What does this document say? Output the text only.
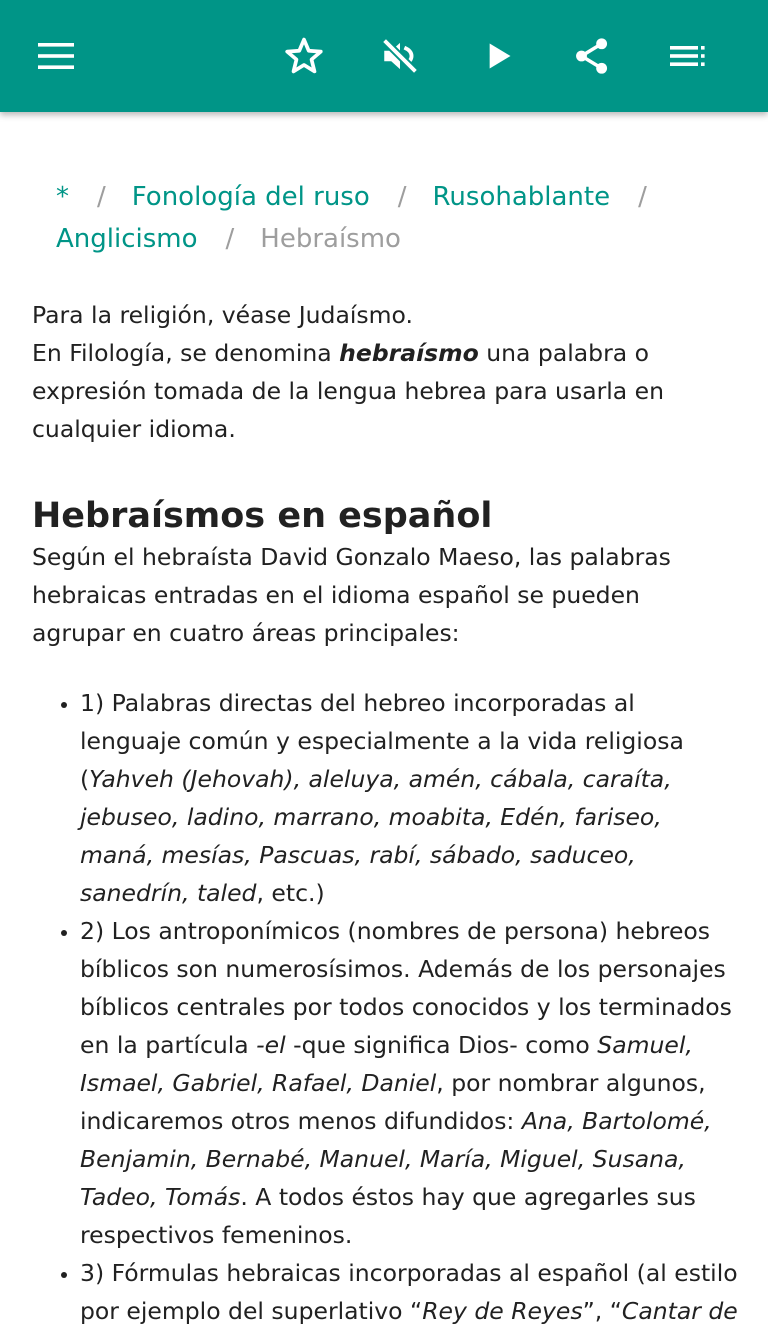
* / Fonología del ruso / Rusohablante /
Anglicismo / Hebraísmo

Para la religión, véase Judaísmo.

En Filología, se denomina hebraísmo una palabra o expresión tomada de la lengua hebrea para usarla en cualquier idioma.

Hebraísmos en español

Según el hebraísta David Gonzalo Maeso, las palabras hebraicas entradas en el idioma español se pueden agrupar en cuatro áreas principales:

• 1) Palabras directas del hebreo incorporadas al lenguaje común y especialmente a la vida religiosa (Yahveh (Jehovah), aleluya, amén, cábala, caraíta, jebuseo, ladino, marrano, moabita, Edén, fariseo, maná, mesías, Pascuas, rabí, sábado, saduceo, sanedrín, taled, etc.)
• 2) Los antroponímicos (nombres de persona) hebreos bíblicos son numerosísimos. Además de los personajes bíblicos centrales por todos conocidos y los terminados en la partícula -el -que significa Dios- como Samuel, Ismael, Gabriel, Rafael, Daniel, por nombrar algunos, indicaremos otros menos difundidos: Ana, Bartolomé, Benjamin, Bernabé, Manuel, María, Miguel, Susana, Tadeo, Tomás. A todos éstos hay que agregarles sus respectivos femeninos.
• 3) Fórmulas hebraicas incorporadas al español (al estilo por ejemplo del superlativo “Rey de Reyes”, “Cantar de
